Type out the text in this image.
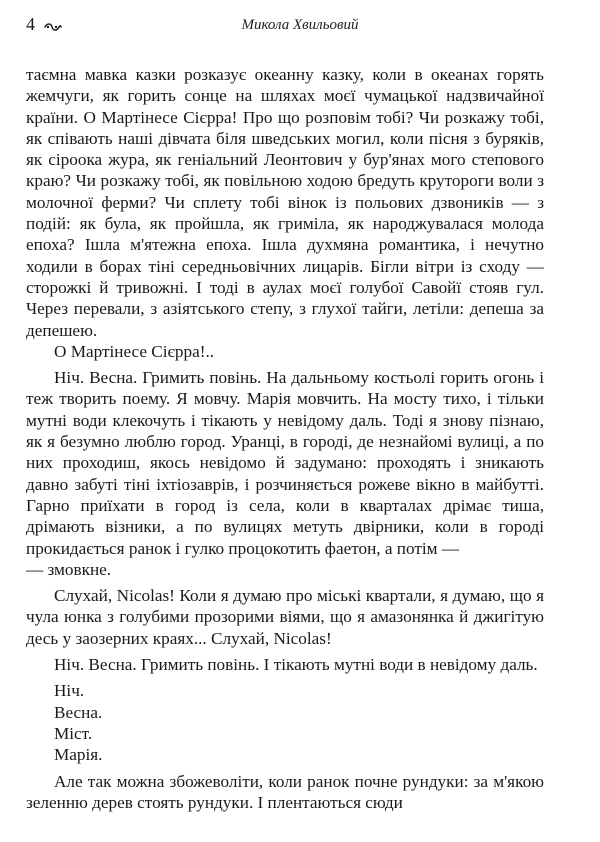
4	Микола Хвильовий

таємна мавка казки розказує океанну казку, коли в океанах горять жемчуги, як горить сонце на шляхах моєї чумацької надзвичайної країни. О Мартінесе Сієрра! Про що розповім тобі? Чи розкажу тобі, як співають наші дівчата біля шведських могил, коли пісня з буряків, як сіроока жура, як геніальний Леонтович у бур'янах мого степового краю? Чи розкажу тобі, як повільною ходою бредуть крутороги воли з молочної ферми? Чи сплету тобі вінок із польових дзвоників — з подій: як була, як пройшла, як гриміла, як народжувалася молода епоха? Ішла м'ятежна епоха. Ішла духмяна романтика, і нечутно ходили в борах тіні середньовічних лицарів. Бігли вітри із сходу — сторожкі й тривожні. І тоді в аулах моєї голубої Савойї стояв гул. Через перевали, з азіятського степу, з глухої тайги, летіли: депеша за депешею.

О Мартінесе Сієрра!..

Ніч. Весна. Гримить повінь. На дальньому костьолі горить огонь і теж творить поему. Я мовчу. Марія мовчить. На мосту тихо, і тільки мутні води клекочуть і тікають у невідому даль. Тоді я знову пізнаю, як я безумно люблю город. Уранці, в городі, де незнайомі вулиці, а по них проходиш, якось невідомо й задумано: проходять і зникають давно забуті тіні іхтіозаврів, і розчиняється рожеве вікно в майбутті. Гарно приїхати в город із села, коли в кварталах дрімає тиша, дрімають візники, а по вулицях метуть двірники, коли в городі прокидається ранок і гулко процокотить фаетон, а потім —

— змовкне.

Слухай, Nicolas! Коли я думаю про міські квартали, я думаю, що я чула юнка з голубими прозорими віями, що я амазонянка й джигітую десь у заозерних краях... Слухай, Nicolas!

Ніч. Весна. Гримить повінь. І тікають мутні води в невідому даль.

Ніч.

Весна.

Міст.

Марія.

Але так можна збожеволіти, коли ранок почне рундуки: за м'якою зеленню дерев стоять рундуки. І плентаються сюди
